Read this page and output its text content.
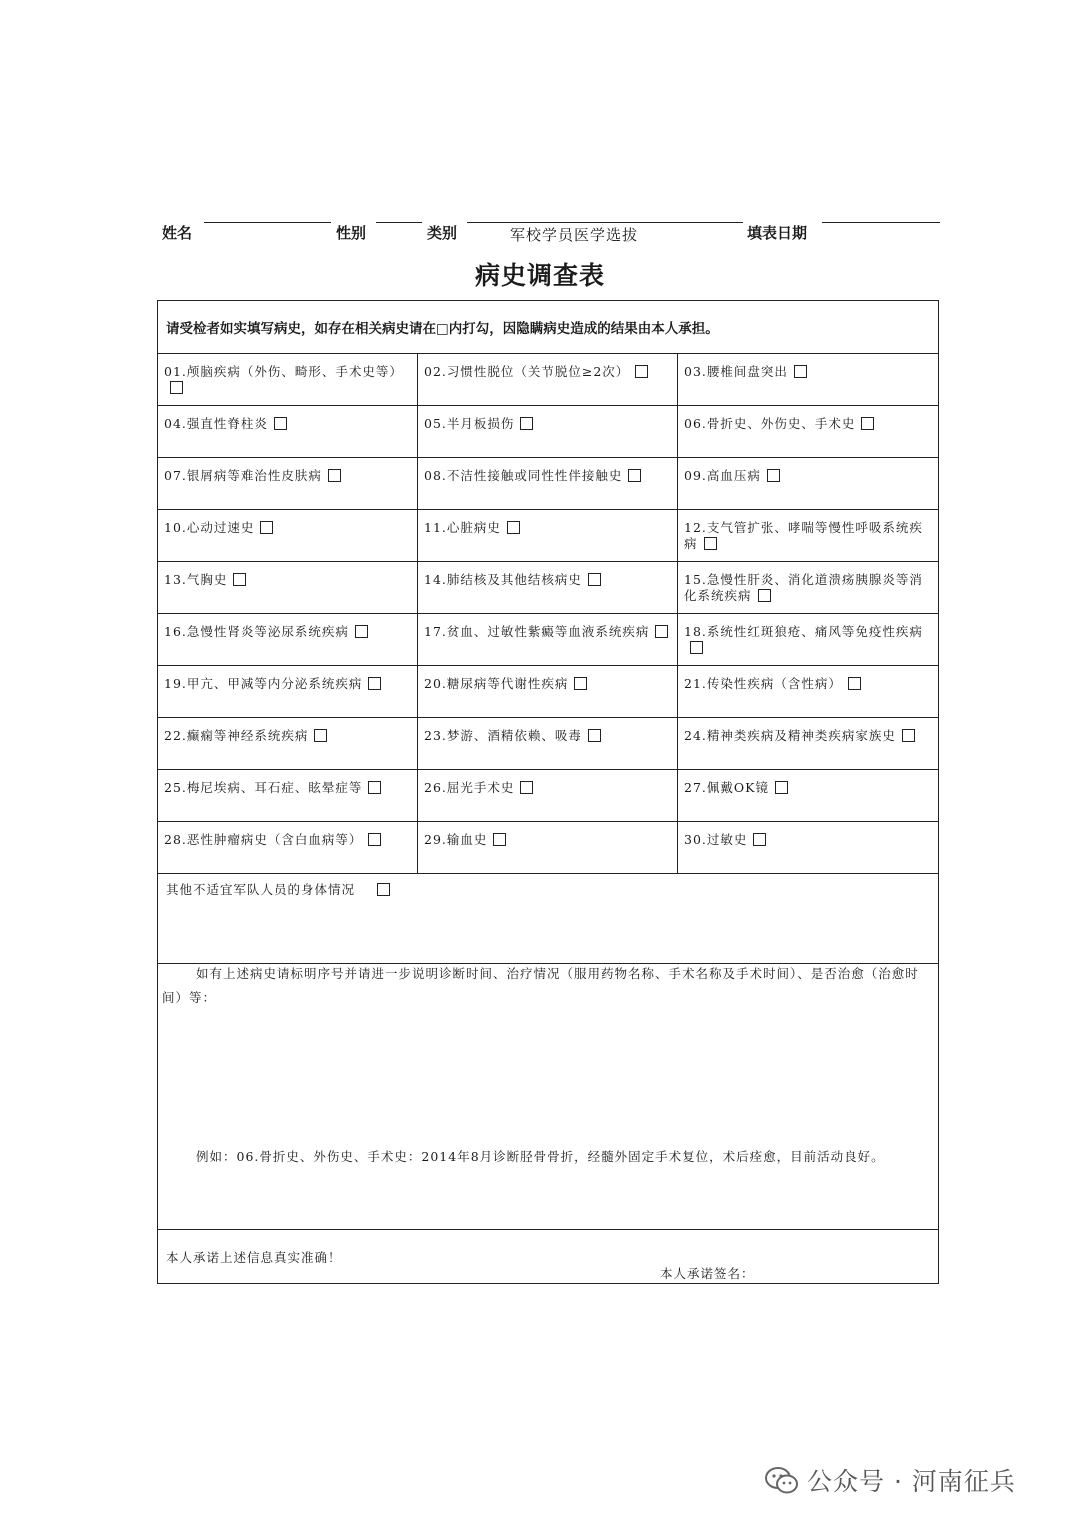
姓名	性别	类别	军校学员医学选拔	填表日期
病史调查表
请受检者如实填写病史，如存在相关病史请在□内打勾，因隐瞒病史造成的结果由本人承担。
01.颅脑疾病（外伤、畸形、手术史等）	02.习惯性脱位（关节脱位≥2次）	03.腰椎间盘突出
04.强直性脊柱炎	05.半月板损伤	06.骨折史、外伤史、手术史
07.银屑病等难治性皮肤病	08.不洁性接触或同性性伴接触史	09.高血压病
10.心动过速史	11.心脏病史	12.支气管扩张、哮喘等慢性呼吸系统疾病
13.气胸史	14.肺结核及其他结核病史	15.急慢性肝炎、消化道溃疡胰腺炎等消化系统疾病
16.急慢性肾炎等泌尿系统疾病	17.贫血、过敏性紫癜等血液系统疾病	18.系统性红斑狼疮、痛风等免疫性疾病
19.甲亢、甲减等内分泌系统疾病	20.糖尿病等代谢性疾病	21.传染性疾病（含性病）
22.癫痫等神经系统疾病	23.梦游、酒精依赖、吸毒	24.精神类疾病及精神类疾病家族史
25.梅尼埃病、耳石症、眩晕症等	26.屈光手术史	27.佩戴OK镜
28.恶性肿瘤病史（含白血病等）	29.输血史	30.过敏史
其他不适宜军队人员的身体情况
如有上述病史请标明序号并请进一步说明诊断时间、治疗情况（服用药物名称、手术名称及手术时间）、是否治愈（治愈时间）等：
例如：06.骨折史、外伤史、手术史：2014年8月诊断胫骨骨折，经髓外固定手术复位，术后痊愈，目前活动良好。
本人承诺上述信息真实准确！
本人承诺签名：
公众号 · 河南征兵
